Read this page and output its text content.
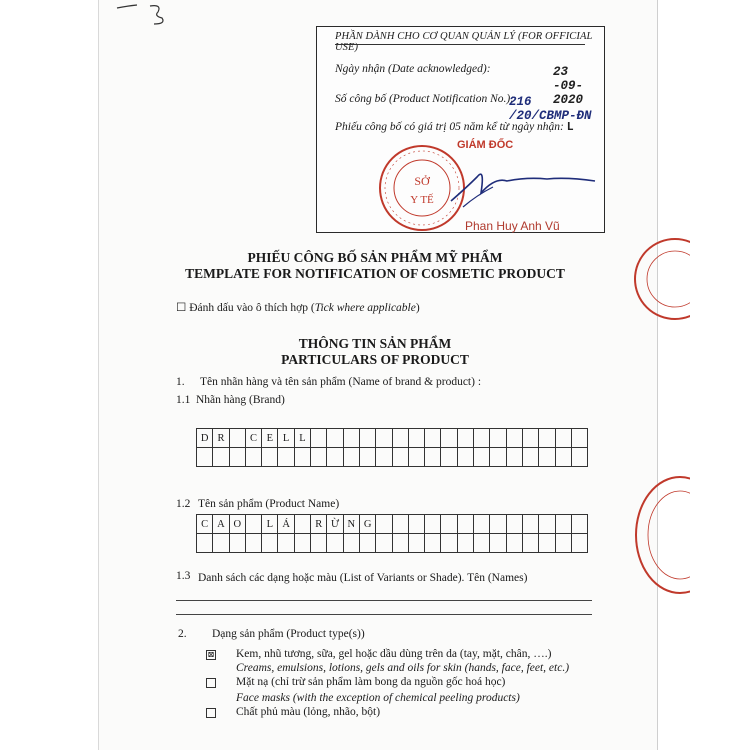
PHẦN DÀNH CHO CƠ QUAN QUẢN LÝ (FOR OFFICIAL USE)
Ngày nhận (Date acknowledged):	23 -09- 2020
Số công bố (Product Notification No.):
216 /20/CBMP-ĐN
Phiếu công bố có giá trị 05 năm kể từ ngày nhận: L
GIÁM ĐỐC
SỞ
Y TẾ
Phan Huy Anh Vũ
PHIẾU CÔNG BỐ SẢN PHẨM MỸ PHẨM
TEMPLATE FOR NOTIFICATION OF COSMETIC PRODUCT
☐ Đánh dấu vào ô thích hợp (Tick where applicable)
THÔNG TIN SẢN PHẨM
PARTICULARS OF PRODUCT
1. Tên nhãn hàng và tên sản phẩm (Name of brand & product) :
1.1 Nhãn hàng (Brand)
D	R		C	E	L	L																	

1.2 Tên sản phẩm (Product Name)
C	A	O		L	Á		R	Ừ	N	G													

1.3 Danh sách các dạng hoặc màu (List of Variants or Shade). Tên (Names)
2. Dạng sản phẩm (Product type(s))
⊠ Kem, nhũ tương, sữa, gel hoặc dầu dùng trên da (tay, mặt, chân, ….)
Creams, emulsions, lotions, gels and oils for skin (hands, face, feet, etc.)
Mặt nạ (chỉ trừ sản phẩm làm bong da nguồn gốc hoá học)
Face masks (with the exception of chemical peeling products)
Chất phủ màu (lỏng, nhão, bột)
